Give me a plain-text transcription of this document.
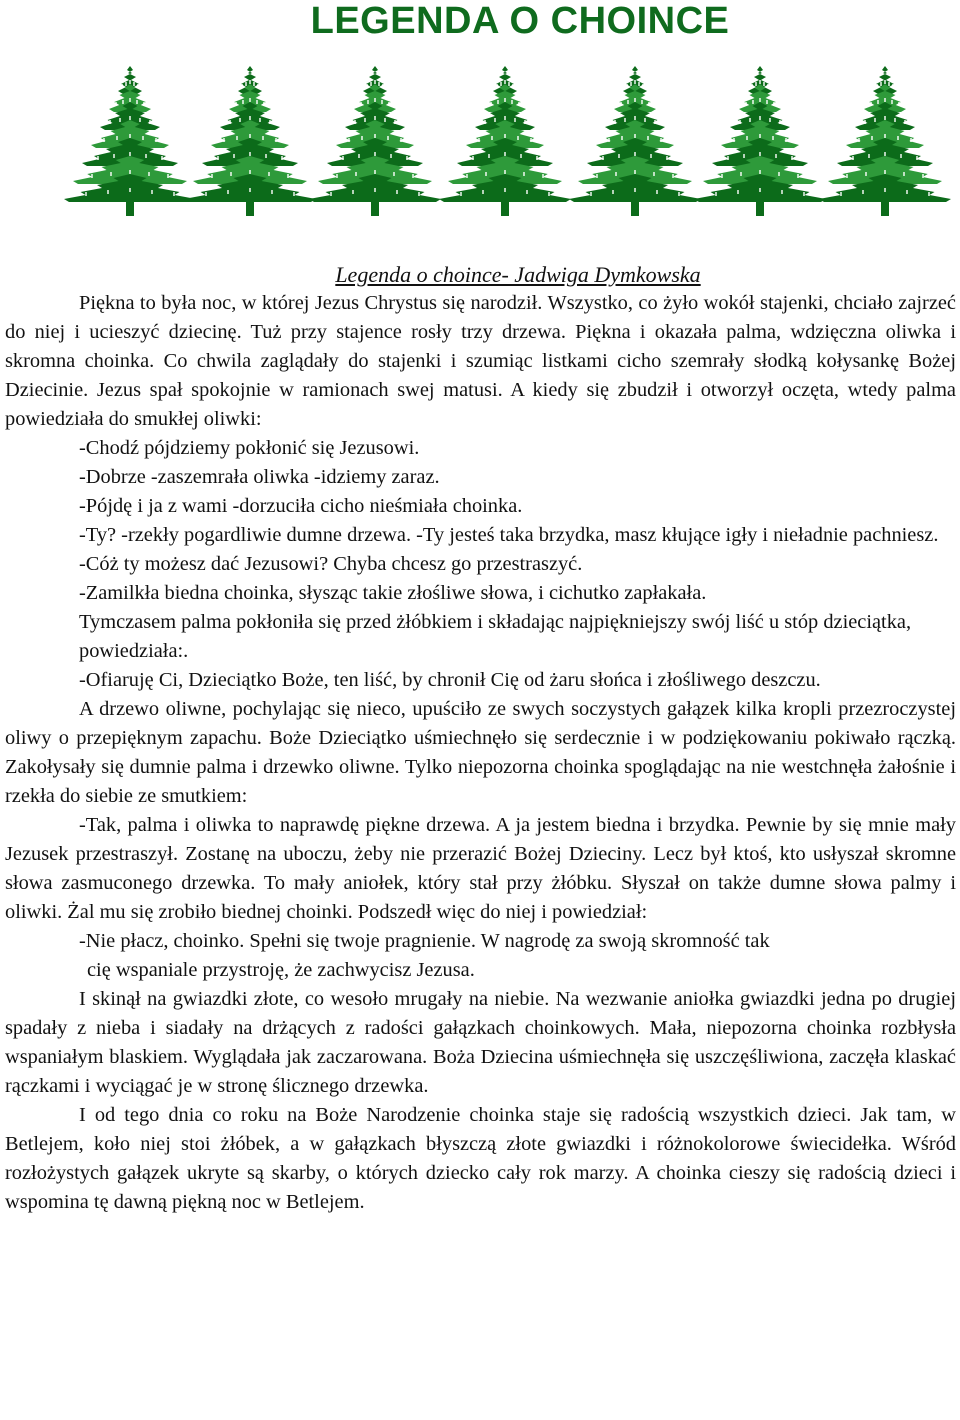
LEGENDA O CHOINCE
Legenda o choince- Jadwiga Dymkowska

Piękna to była noc, w której Jezus Chrystus się narodził. Wszystko, co żyło wokół stajenki, chciało zajrzeć do niej i ucieszyć dziecinę. Tuż przy stajence rosły trzy drzewa. Piękna i okazała palma, wdzięczna oliwka i skromna choinka. Co chwila zaglądały do stajenki i szumiąc listkami cicho szemrały słodką kołysankę Bożej Dziecinie. Jezus spał spokojnie w ramionach swej matusi. A kiedy się zbudził i otworzył oczęta, wtedy palma powiedziała do smukłej oliwki:

-Chodź pójdziemy pokłonić się Jezusowi.

-Dobrze -zaszemrała oliwka -idziemy zaraz.

-Pójdę i ja z wami -dorzuciła cicho nieśmiała choinka.

-Ty? -rzekły pogardliwie dumne drzewa. -Ty jesteś taka brzydka, masz kłujące igły i nieładnie pachniesz.

-Cóż ty możesz dać Jezusowi? Chyba chcesz go przestraszyć.

-Zamilkła biedna choinka, słysząc takie złośliwe słowa, i cichutko zapłakała.

Tymczasem palma pokłoniła się przed żłóbkiem i składając najpiękniejszy swój liść u stóp dzieciątka, powiedziała:.

-Ofiaruję Ci, Dzieciątko Boże, ten liść, by chronił Cię od żaru słońca i złośliwego deszczu.

A drzewo oliwne, pochylając się nieco, upuściło ze swych soczystych gałązek kilka kropli przezroczystej oliwy o przepięknym zapachu. Boże Dzieciątko uśmiechnęło się serdecznie i w podziękowaniu pokiwało rączką. Zakołysały się dumnie palma i drzewko oliwne. Tylko niepozorna choinka spoglądając na nie westchnęła żałośnie i rzekła do siebie ze smutkiem:

-Tak, palma i oliwka to naprawdę piękne drzewa. A ja jestem biedna i brzydka. Pewnie by się mnie mały Jezusek przestraszył. Zostanę na uboczu, żeby nie przerazić Bożej Dzieciny. Lecz był ktoś, kto usłyszał skromne słowa zasmuconego drzewka. To mały aniołek, który stał przy żłóbku. Słyszał on także dumne słowa palmy i oliwki. Żal mu się zrobiło biednej choinki. Podszedł więc do niej i powiedział:

-Nie płacz, choinko. Spełni się twoje pragnienie. W nagrodę za swoją skromność tak

cię wspaniale przystroję, że zachwycisz Jezusa.

I skinął na gwiazdki złote, co wesoło mrugały na niebie. Na wezwanie aniołka gwiazdki jedna po drugiej spadały z nieba i siadały na drżących z radości gałązkach choinkowych. Mała, niepozorna choinka rozbłysła wspaniałym blaskiem. Wyglądała jak zaczarowana. Boża Dziecina uśmiechnęła się uszczęśliwiona, zaczęła klaskać rączkami i wyciągać je w stronę ślicznego drzewka.

I od tego dnia co roku na Boże Narodzenie choinka staje się radością wszystkich dzieci. Jak tam, w Betlejem, koło niej stoi żłóbek, a w gałązkach błyszczą złote gwiazdki i różnokolorowe świecidełka. Wśród rozłożystych gałązek ukryte są skarby, o których dziecko cały rok marzy. A choinka cieszy się radością dzieci i wspomina tę dawną piękną noc w Betlejem.
